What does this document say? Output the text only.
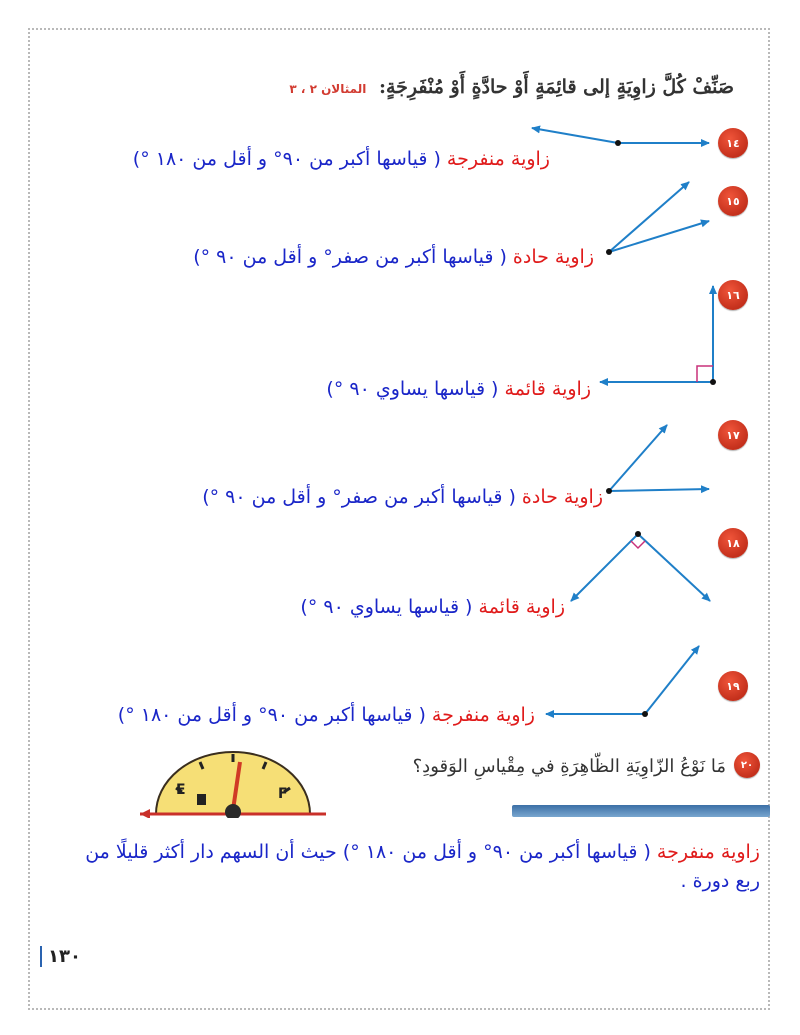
صَنِّفْ كُلَّ زاوِيَةٍ إلى قائِمَةٍ أَوْ حادَّةٍ أَوْ مُنْفَرِجَةٍ: المثالان ٢ ، ٣
١٤
١٥
١٦
١٧
١٨
١٩
زاوية منفرجة ( قياسها أكبر من ٩٠° و أقل من ١٨٠ °)
زاوية حادة ( قياسها أكبر من صفر° و أقل من ٩٠ °)
زاوية قائمة ( قياسها يساوي ٩٠ °)
زاوية حادة ( قياسها أكبر من صفر° و أقل من ٩٠ °)
زاوية قائمة ( قياسها يساوي ٩٠ °)
زاوية منفرجة ( قياسها أكبر من ٩٠° و أقل من ١٨٠ °)
٢٠
مَا نَوْعُ الزّاوِيَةِ الظّاهِرَةِ في مِقْياسِ الوَقودِ؟
E	F
زاوية منفرجة ( قياسها أكبر من ٩٠° و أقل من ١٨٠ °) حيث أن السهم دار أكثر قليلًا من ربع دورة .
١٣٠
